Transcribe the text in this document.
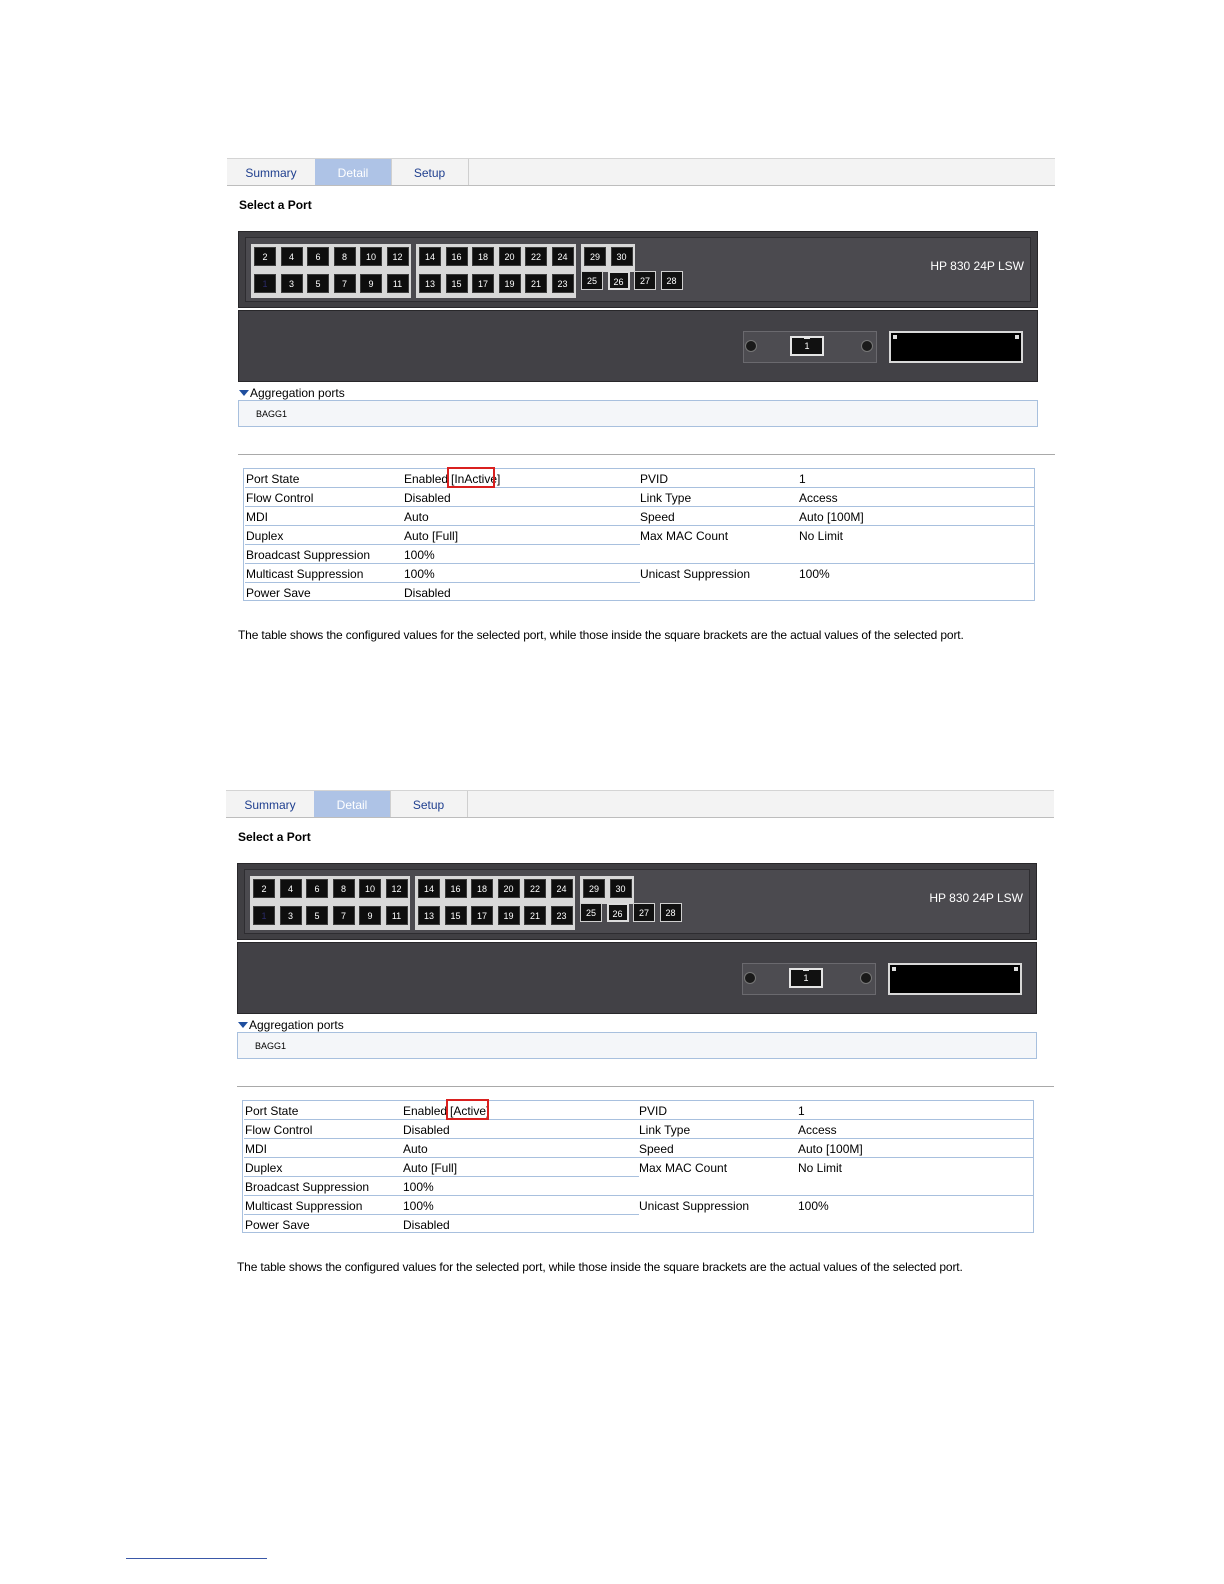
Summary	Detail	Setup
Select a Port
2	4	6	8	10	12
1	3	5	7	9	11
14	16	18	20	22	24
13	15	17	19	21	23
29	30
25	26	27	28
HP 830 24P LSW
1
Aggregation ports
BAGG1
Port State	Enabled [InActive]	PVID	1
Flow Control	Disabled	Link Type	Access
MDI	Auto	Speed	Auto [100M]
Duplex	Auto [Full]	Max MAC Count	No Limit
Broadcast Suppression	100%
Multicast Suppression	100%	Unicast Suppression	100%
Power Save	Disabled
The table shows the configured values for the selected port, while those inside the square brackets are the actual values of the selected port.
Summary	Detail	Setup
Select a Port
2	4	6	8	10	12
1	3	5	7	9	11
14	16	18	20	22	24
13	15	17	19	21	23
29	30
25	26	27	28
HP 830 24P LSW
1
Aggregation ports
BAGG1
Port State	Enabled [Active]	PVID	1
Flow Control	Disabled	Link Type	Access
MDI	Auto	Speed	Auto [100M]
Duplex	Auto [Full]	Max MAC Count	No Limit
Broadcast Suppression	100%
Multicast Suppression	100%	Unicast Suppression	100%
Power Save	Disabled
The table shows the configured values for the selected port, while those inside the square brackets are the actual values of the selected port.
